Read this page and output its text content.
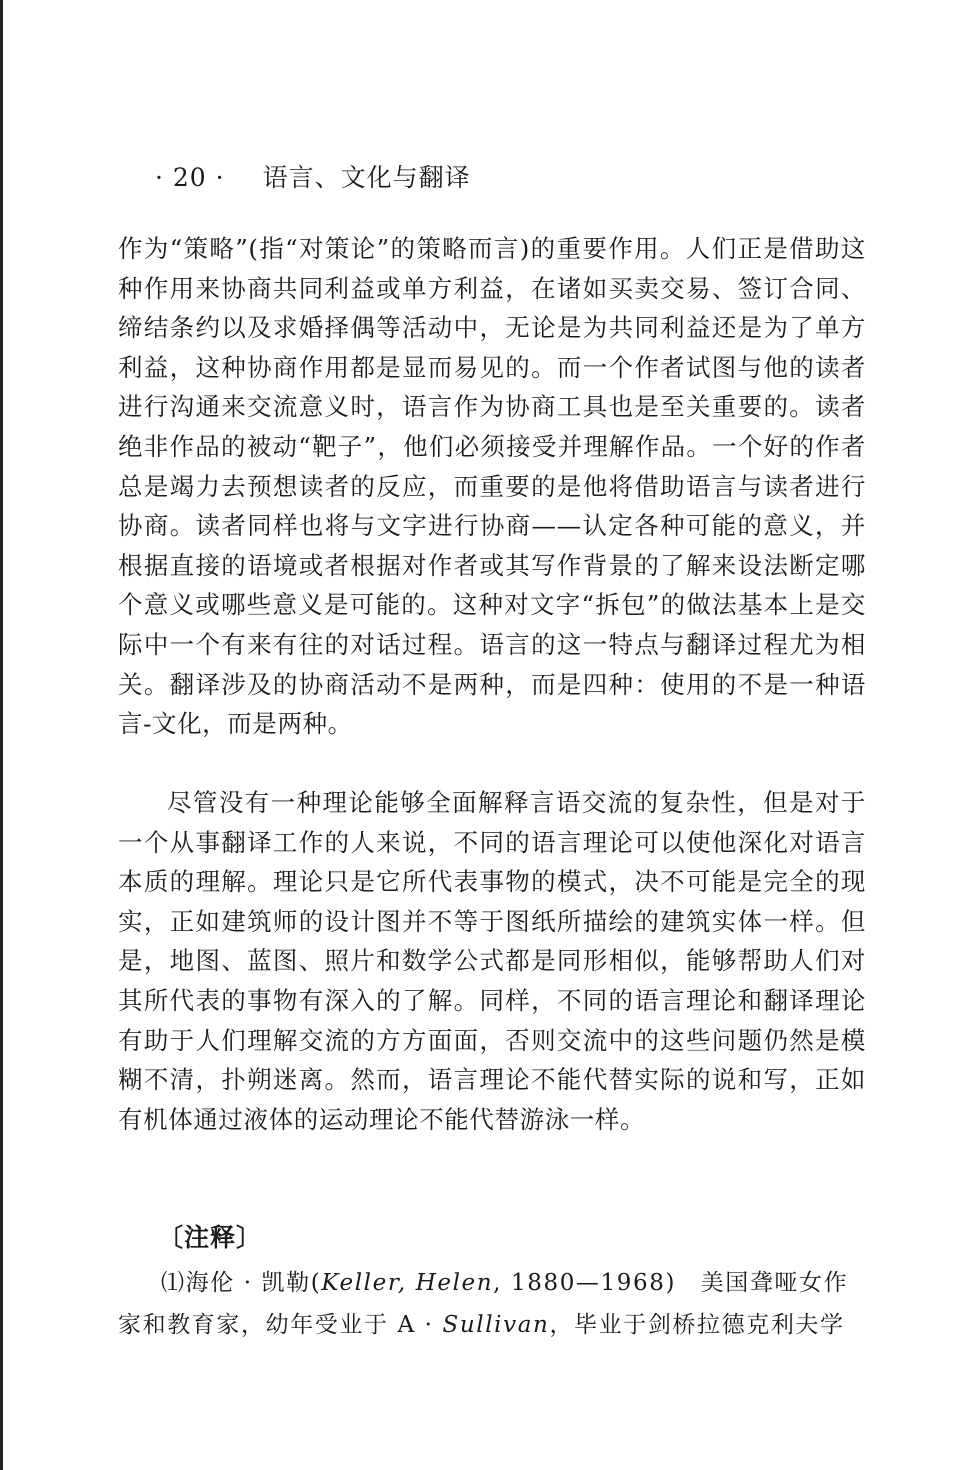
· 20 · 语言、文化与翻译

作为“策略”(指“对策论”的策略而言)的重要作用。人们正是借助这种作用来协商共同利益或单方利益，在诸如买卖交易、签订合同、缔结条约以及求婚择偶等活动中，无论是为共同利益还是为了单方利益，这种协商作用都是显而易见的。而一个作者试图与他的读者进行沟通来交流意义时，语言作为协商工具也是至关重要的。读者绝非作品的被动“靶子”，他们必须接受并理解作品。一个好的作者总是竭力去预想读者的反应，而重要的是他将借助语言与读者进行协商。读者同样也将与文字进行协商——认定各种可能的意义，并根据直接的语境或者根据对作者或其写作背景的了解来设法断定哪个意义或哪些意义是可能的。这种对文字“拆包”的做法基本上是交际中一个有来有往的对话过程。语言的这一特点与翻译过程尤为相关。翻译涉及的协商活动不是两种，而是四种：使用的不是一种语言-文化，而是两种。

尽管没有一种理论能够全面解释言语交流的复杂性，但是对于一个从事翻译工作的人来说，不同的语言理论可以使他深化对语言本质的理解。理论只是它所代表事物的模式，决不可能是完全的现实，正如建筑师的设计图并不等于图纸所描绘的建筑实体一样。但是，地图、蓝图、照片和数学公式都是同形相似，能够帮助人们对其所代表的事物有深入的了解。同样，不同的语言理论和翻译理论有助于人们理解交流的方方面面，否则交流中的这些问题仍然是模糊不清，扑朔迷离。然而，语言理论不能代替实际的说和写，正如有机体通过液体的运动理论不能代替游泳一样。

〔注释〕

⑴海伦 · 凯勒(Keller, Helen, 1880—1968)　美国聋哑女作家和教育家，幼年受业于 A · Sullivan，毕业于剑桥拉德克利夫学
